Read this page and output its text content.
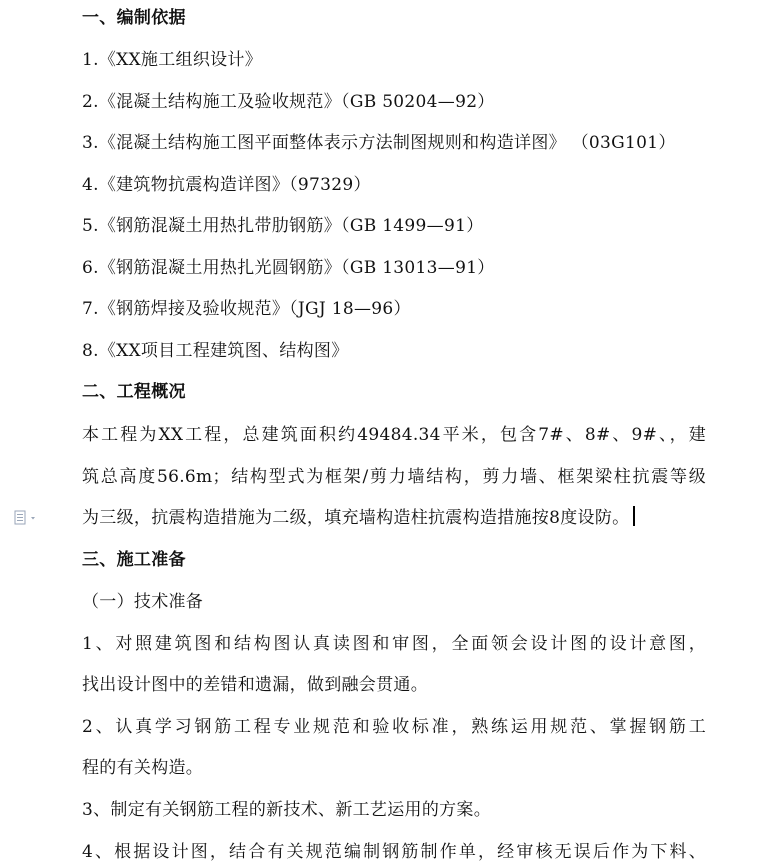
一、编制依据
1.《XX施工组织设计》
2.《混凝土结构施工及验收规范》（GB 50204—92）
3.《混凝土结构施工图平面整体表示方法制图规则和构造详图》 （03G101）
4.《建筑物抗震构造详图》（97329）
5.《钢筋混凝土用热扎带肋钢筋》（GB 1499—91）
6.《钢筋混凝土用热扎光圆钢筋》（GB 13013—91）
7.《钢筋焊接及验收规范》（JGJ 18—96）
8.《XX项目工程建筑图、结构图》
二、工程概况
本工程为XX工程，总建筑面积约49484.34平米，包含7#、8#、9#、，建
筑总高度56.6m；结构型式为框架/剪力墙结构，剪力墙、框架梁柱抗震等级
为三级，抗震构造措施为二级，填充墙构造柱抗震构造措施按8度设防。
三、施工准备
（一）技术准备
1、对照建筑图和结构图认真读图和审图，全面领会设计图的设计意图，
找出设计图中的差错和遗漏，做到融会贯通。
2、认真学习钢筋工程专业规范和验收标准，熟练运用规范、掌握钢筋工
程的有关构造。
3、制定有关钢筋工程的新技术、新工艺运用的方案。
4、根据设计图，结合有关规范编制钢筋制作单，经审核无误后作为下料、
